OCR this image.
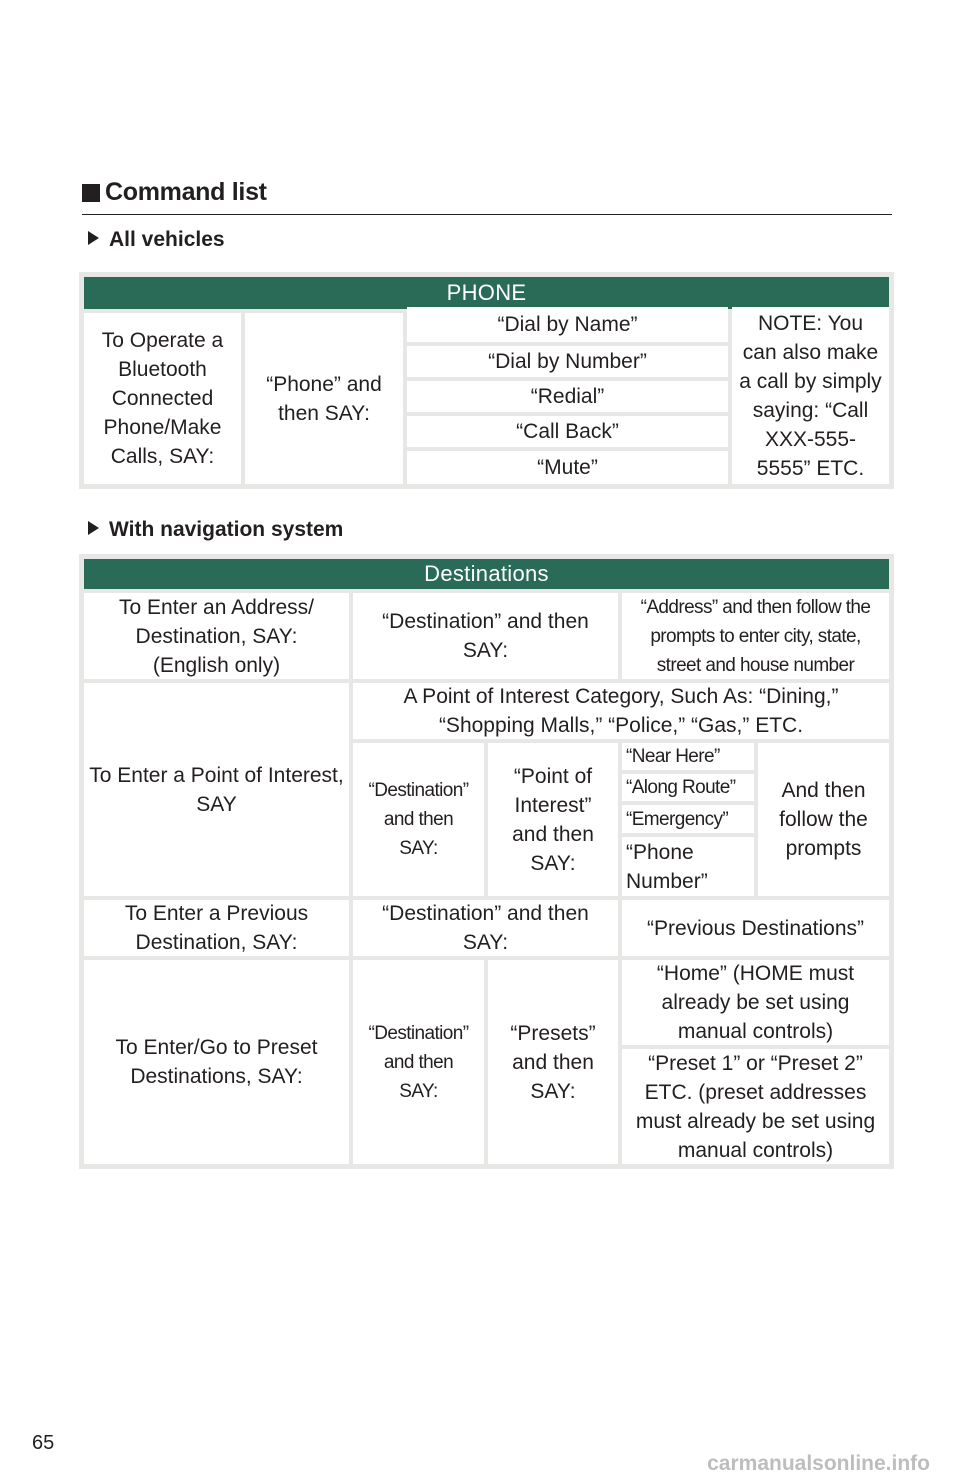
Command list
All vehicles
PHONE
To Operate a
Bluetooth
Connected
Phone/Make
Calls, SAY:
“Phone” and
then SAY:
“Dial by Name”
“Dial by Number”
“Redial”
“Call Back”
“Mute”
NOTE: You
can also make
a call by simply
saying: “Call
XXX-555-
5555” ETC.
With navigation system
Destinations
To Enter an Address/
Destination, SAY:
(English only)
“Destination” and then
SAY:
“Address” and then follow the
prompts to enter city, state,
street and house number
To Enter a Point of Interest,
SAY
A Point of Interest Category, Such As: “Dining,”
“Shopping Malls,” “Police,” “Gas,” ETC.
“Destination”
and then
SAY:
“Point of
Interest”
and then
SAY:
“Near Here”
“Along Route”
“Emergency”
“Phone
Number”
And then
follow the
prompts
To Enter a Previous
Destination, SAY:
“Destination” and then
SAY:
“Previous Destinations”
To Enter/Go to Preset
Destinations, SAY:
“Destination”
and then
SAY:
“Presets”
and then
SAY:
“Home” (HOME must
already be set using
manual controls)
“Preset 1” or “Preset 2”
ETC. (preset addresses
must already be set using
manual controls)
65
carmanualsonline.info
